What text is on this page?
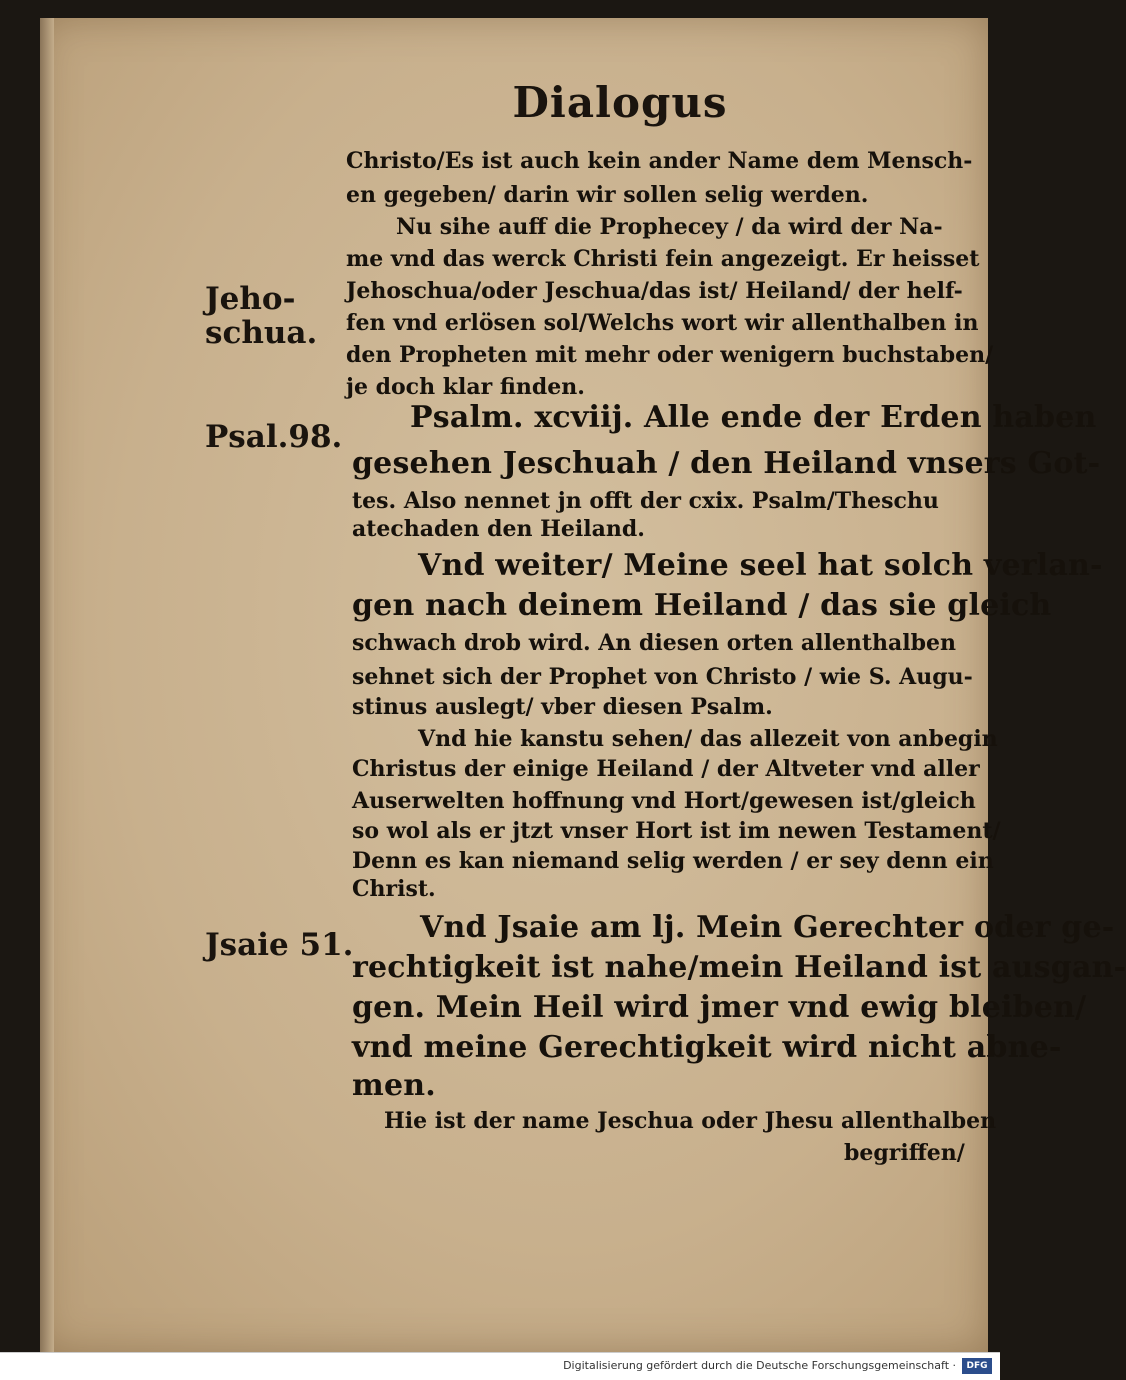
Dialogus
Jeho-
schua.
Psal.98.
Jsaie 51.
Christo/Es ist auch kein ander Name dem Mensch-
en gegeben/ darin wir sollen selig werden.
Nu sihe auff die Prophecey / da wird der Na-
me vnd das werck Christi fein angezeigt. Er heisset
Jehoschua/oder Jeschua/das ist/ Heiland/ der helf-
fen vnd erlösen sol/Welchs wort wir allenthalben in
den Propheten mit mehr oder wenigern buchstaben/
je doch klar finden.
Psalm. xcviij. Alle ende der Erden haben
gesehen Jeschuah / den Heiland vnsers Got-
tes. Also nennet jn offt der cxix. Psalm/Theschu
atechaden den Heiland.
Vnd weiter/ Meine seel hat solch verlan-
gen nach deinem Heiland / das sie gleich
schwach drob wird. An diesen orten allenthalben
sehnet sich der Prophet von Christo / wie S. Augu-
stinus auslegt/ vber diesen Psalm.
Vnd hie kanstu sehen/ das allezeit von anbegin
Christus der einige Heiland / der Altveter vnd aller
Auserwelten hoffnung vnd Hort/gewesen ist/gleich
so wol als er jtzt vnser Hort ist im newen Testament/
Denn es kan niemand selig werden / er sey denn ein
Christ.
Vnd Jsaie am lj. Mein Gerechter oder ge-
rechtigkeit ist nahe/mein Heiland ist ausgan-
gen. Mein Heil wird jmer vnd ewig bleiben/
vnd meine Gerechtigkeit wird nicht abne-
men.
Hie ist der name Jeschua oder Jhesu allenthalben
begriffen/
Digitalisierung gefördert durch die Deutsche Forschungsgemeinschaft ·	DFG
